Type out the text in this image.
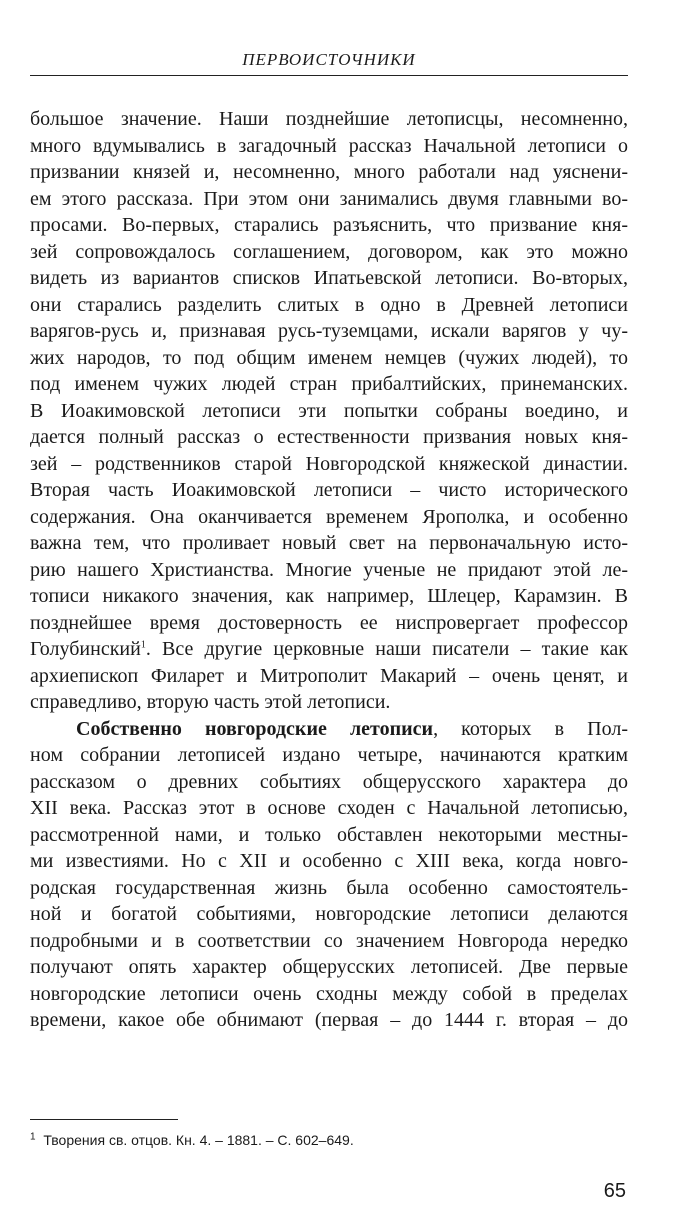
ПЕРВОИСТОЧНИКИ
большое значение. Наши позднейшие летописцы, несомненно,
много вдумывались в загадочный рассказ Начальной летописи о
призвании князей и, несомненно, много работали над уяснени-
ем этого рассказа. При этом они занимались двумя главными во-
просами. Во-первых, старались разъяснить, что призвание кня-
зей сопровождалось соглашением, договором, как это можно
видеть из вариантов списков Ипатьевской летописи. Во-вторых,
они старались разделить слитых в одно в Древней летописи
варягов-русь и, признавая русь-туземцами, искали варягов у чу-
жих народов, то под общим именем немцев (чужих людей), то
под именем чужих людей стран прибалтийских, принеманских.
В Иоакимовской летописи эти попытки собраны воедино, и
дается полный рассказ о естественности призвания новых кня-
зей – родственников старой Новгородской княжеской династии.
Вторая часть Иоакимовской летописи – чисто исторического
содержания. Она оканчивается временем Ярополка, и особенно
важна тем, что проливает новый свет на первоначальную исто-
рию нашего Христианства. Многие ученые не придают этой ле-
тописи никакого значения, как например, Шлецер, Карамзин. В
позднейшее время достоверность ее ниспровергает профессор
Голубинский$^1$. Все другие церковные наши писатели – такие как
архиепископ Филарет и Митрополит Макарий – очень ценят, и
справедливо, вторую часть этой летописи.
Собственно новгородские летописи, которых в Пол-
ном собрании летописей издано четыре, начинаются кратким
рассказом о древних событиях общерусского характера до
XII века. Рассказ этот в основе сходен с Начальной летописью,
рассмотренной нами, и только обставлен некоторыми местны-
ми известиями. Но с XII и особенно с XIII века, когда новго-
родская государственная жизнь была особенно самостоятель-
ной и богатой событиями, новгородские летописи делаются
подробными и в соответствии со значением Новгорода нередко
получают опять характер общерусских летописей. Две первые
новгородские летописи очень сходны между собой в пределах
времени, какое обе обнимают (первая – до 1444 г. вторая – до
$^1$ Творения св. отцов. Кн. 4. – 1881. – С. 602–649.
65
